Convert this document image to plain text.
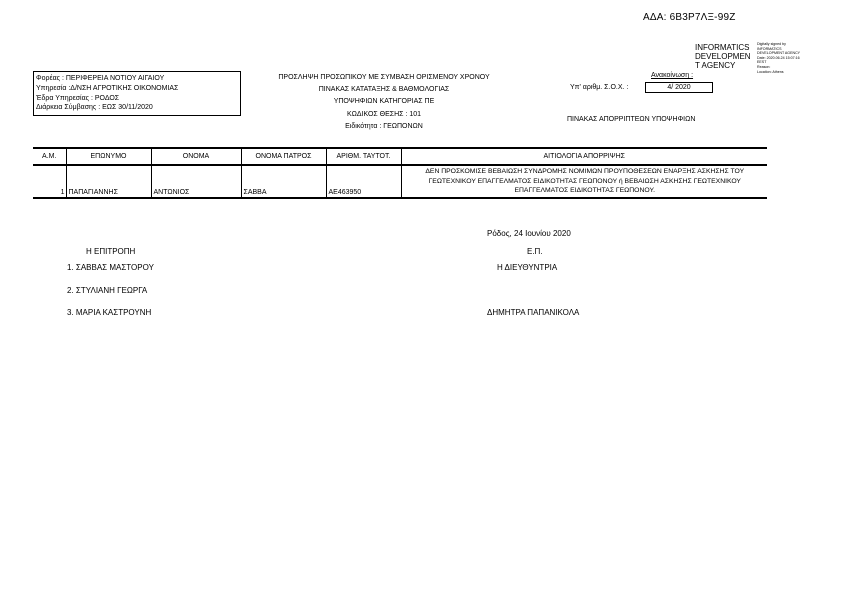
ΑΔΑ: 6Β3Ρ7ΛΞ-99Ζ
INFORMATICS
DEVELOPMEN
T AGENCY
Digitally signed by
INFORMATICS
DEVELOPMENT AGENCY
Date: 2020.06.24 15:07:16
EEST
Reason:
Location: Athens
Φορέας : ΠΕΡΙΦΕΡΕΙΑ ΝΟΤΙΟΥ ΑΙΓΑΙΟΥ
Υπηρεσία :Δ/ΝΣΗ ΑΓΡΟΤΙΚΗΣ ΟΙΚΟΝΟΜΙΑΣ
Έδρα Υπηρεσίας : ΡΟΔΟΣ
Διάρκεια Σύμβασης : ΕΩΣ 30/11/2020
ΠΡΟΣΛΗΨΗ ΠΡΟΣΩΠΙΚΟΥ ΜΕ ΣΥΜΒΑΣΗ ΟΡΙΣΜΕΝΟΥ ΧΡΟΝΟΥ
ΠΙΝΑΚΑΣ ΚΑΤΑΤΑΞΗΣ & ΒΑΘΜΟΛΟΓΙΑΣ
ΥΠΟΨΗΦΙΩΝ ΚΑΤΗΓΟΡΙΑΣ ΠΕ
ΚΩΔΙΚΟΣ ΘΕΣΗΣ : 101
Ειδικότητα : ΓΕΩΠΟΝΩΝ
Ανακοίνωση :
Υπ' αριθμ. Σ.Ο.Χ. :	4/ 2020
ΠΙΝΑΚΑΣ ΑΠΟΡΡΙΠΤΕΩΝ ΥΠΟΨΗΦΙΩΝ
Α.Μ.	ΕΠΩΝΥΜΟ	ΟΝΟΜΑ	ΟΝΟΜΑ ΠΑΤΡΟΣ	ΑΡΙΘΜ. ΤΑΥΤΟΤ.	ΑΙΤΙΟΛΟΓΙΑ ΑΠΟΡΡΙΨΗΣ
1	ΠΑΠΑΓΙΑΝΝΗΣ	ΑΝΤΩΝΙΟΣ	ΣΑΒΒΑ	ΑΕ463950	ΔΕΝ ΠΡΟΣΚΟΜΙΣΕ ΒΕΒΑΙΩΣΗ ΣΥΝΔΡΟΜΗΣ ΝΟΜΙΜΩΝ ΠΡΟΥΠΟΘΕΣΕΩΝ ΕΝΑΡΞΗΣ ΑΣΚΗΣΗΣ ΤΟΥ ΓΕΩΤΕΧΝΙΚΟΥ ΕΠΑΓΓΕΛΜΑΤΟΣ ΕΙΔΙΚΟΤΗΤΑΣ ΓΕΩΠΟΝΟΥ ή ΒΕΒΑΙΩΣΗ ΑΣΚΗΣΗΣ ΓΕΩΤΕΧΝΙΚΟΥ ΕΠΑΓΓΕΛΜΑΤΟΣ ΕΙΔΙΚΟΤΗΤΑΣ ΓΕΩΠΟΝΟΥ.
Ρόδος, 24 Ιουνίου 2020
Η ΕΠΙΤΡΟΠΗ
1. ΣΑΒΒΑΣ ΜΑΣΤΟΡΟΥ
2. ΣΤΥΛΙΑΝΗ ΓΕΩΡΓΑ
3. ΜΑΡΙΑ ΚΑΣΤΡΟΥΝΗ
Ε.Π.
Η ΔΙΕΥΘΥΝΤΡΙΑ
ΔΗΜΗΤΡΑ ΠΑΠΑΝΙΚΟΛΑ
